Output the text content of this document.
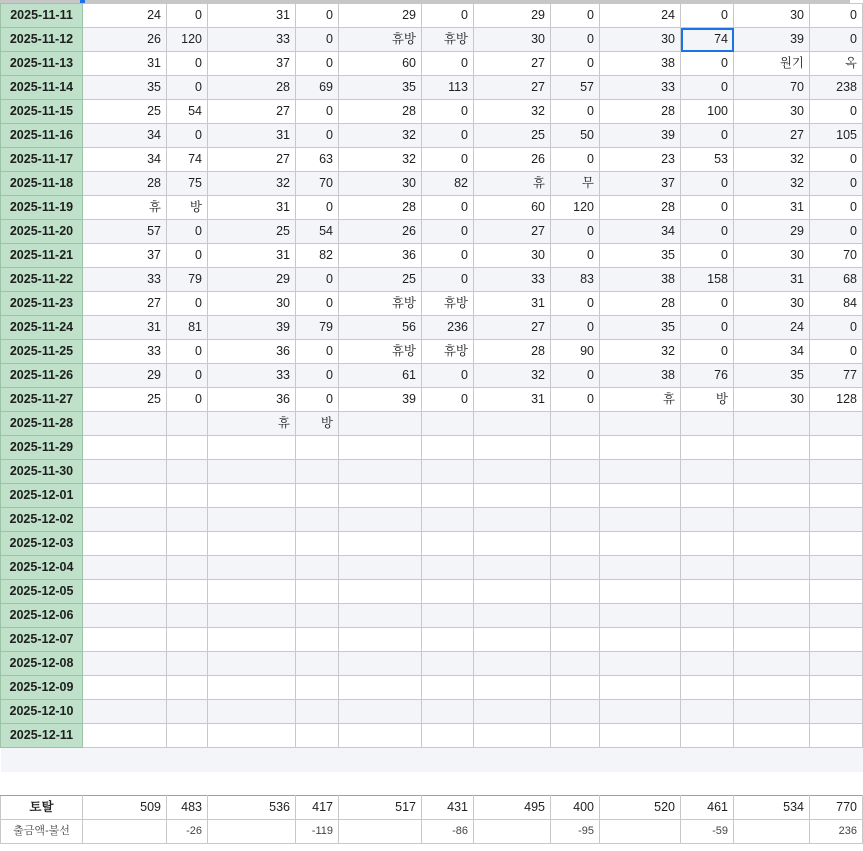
2025-11-11	24	0	31	0	29	0	29	0	24	0	30	0
2025-11-12	26	120	33	0	휴방	휴방	30	0	30	74	39	0
2025-11-13	31	0	37	0	60	0	27	0	38	0	원기	옥
2025-11-14	35	0	28	69	35	113	27	57	33	0	70	238
2025-11-15	25	54	27	0	28	0	32	0	28	100	30	0
2025-11-16	34	0	31	0	32	0	25	50	39	0	27	105
2025-11-17	34	74	27	63	32	0	26	0	23	53	32	0
2025-11-18	28	75	32	70	30	82	휴	무	37	0	32	0
2025-11-19	휴	방	31	0	28	0	60	120	28	0	31	0
2025-11-20	57	0	25	54	26	0	27	0	34	0	29	0
2025-11-21	37	0	31	82	36	0	30	0	35	0	30	70
2025-11-22	33	79	29	0	25	0	33	83	38	158	31	68
2025-11-23	27	0	30	0	휴방	휴방	31	0	28	0	30	84
2025-11-24	31	81	39	79	56	236	27	0	35	0	24	0
2025-11-25	33	0	36	0	휴방	휴방	28	90	32	0	34	0
2025-11-26	29	0	33	0	61	0	32	0	38	76	35	77
2025-11-27	25	0	36	0	39	0	31	0	휴	방	30	128
2025-11-28			휴	방								
2025-11-29												
2025-11-30												
2025-12-01												
2025-12-02												
2025-12-03												
2025-12-04												
2025-12-05												
2025-12-06												
2025-12-07												
2025-12-08												
2025-12-09												
2025-12-10												
2025-12-11												

토탈	509	483	536	417	517	431	495	400	520	461	534	770
출금액-불선		-26		-119		-86		-95		-59		236
